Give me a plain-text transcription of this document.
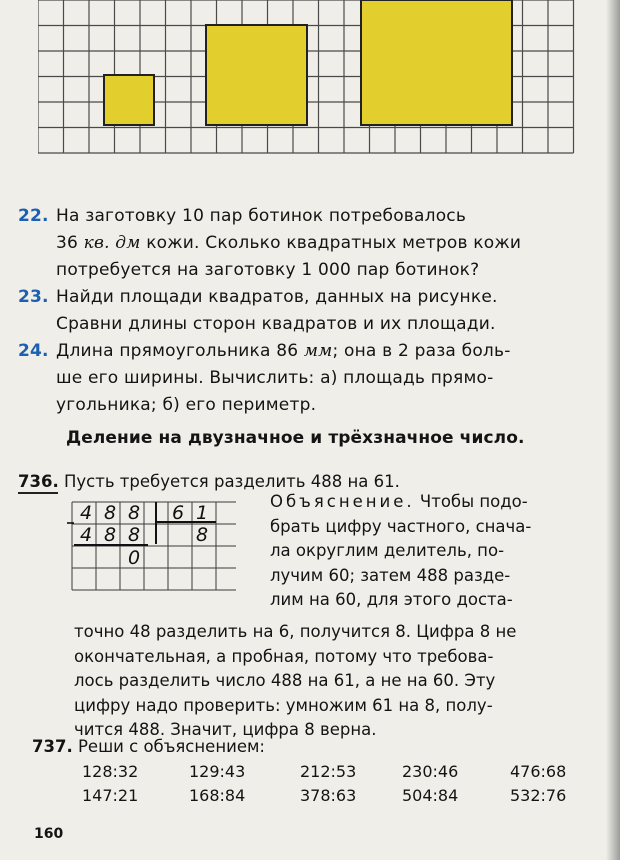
22. На заготовку 10 пар ботинок потребовалось
36 кв. дм кожи. Сколько квадратных метров кожи
потребуется на заготовку 1 000 пар ботинок?
23. Найди площади квадратов, данных на рисунке.
Сравни длины сторон квадратов и их площади.
24. Длина прямоугольника 86 мм; она в 2 раза боль-
ше его ширины. Вычислить: а) площадь прямо-
угольника; б) его периметр.
Деление на двузначное и трёхзначное число.
736. Пусть требуется разделить 488 на 61.
4 8 8 6 1
4 8 8	8
0
Объяснение. Чтобы подо-
брать цифру частного, снача-
ла округлим делитель, по-
лучим 60; затем 488 разде-
лим на 60, для этого доста-
точно 48 разделить на 6, получится 8. Цифра 8 не
окончательная, а пробная, потому что требова-
лось разделить число 488 на 61, а не на 60. Эту
цифру надо проверить: умножим 61 на 8, полу-
чится 488. Значит, цифра 8 верна.
737. Реши с объяснением:
128:32	129:43	212:53	230:46	476:68
147:21	168:84	378:63	504:84	532:76
160
